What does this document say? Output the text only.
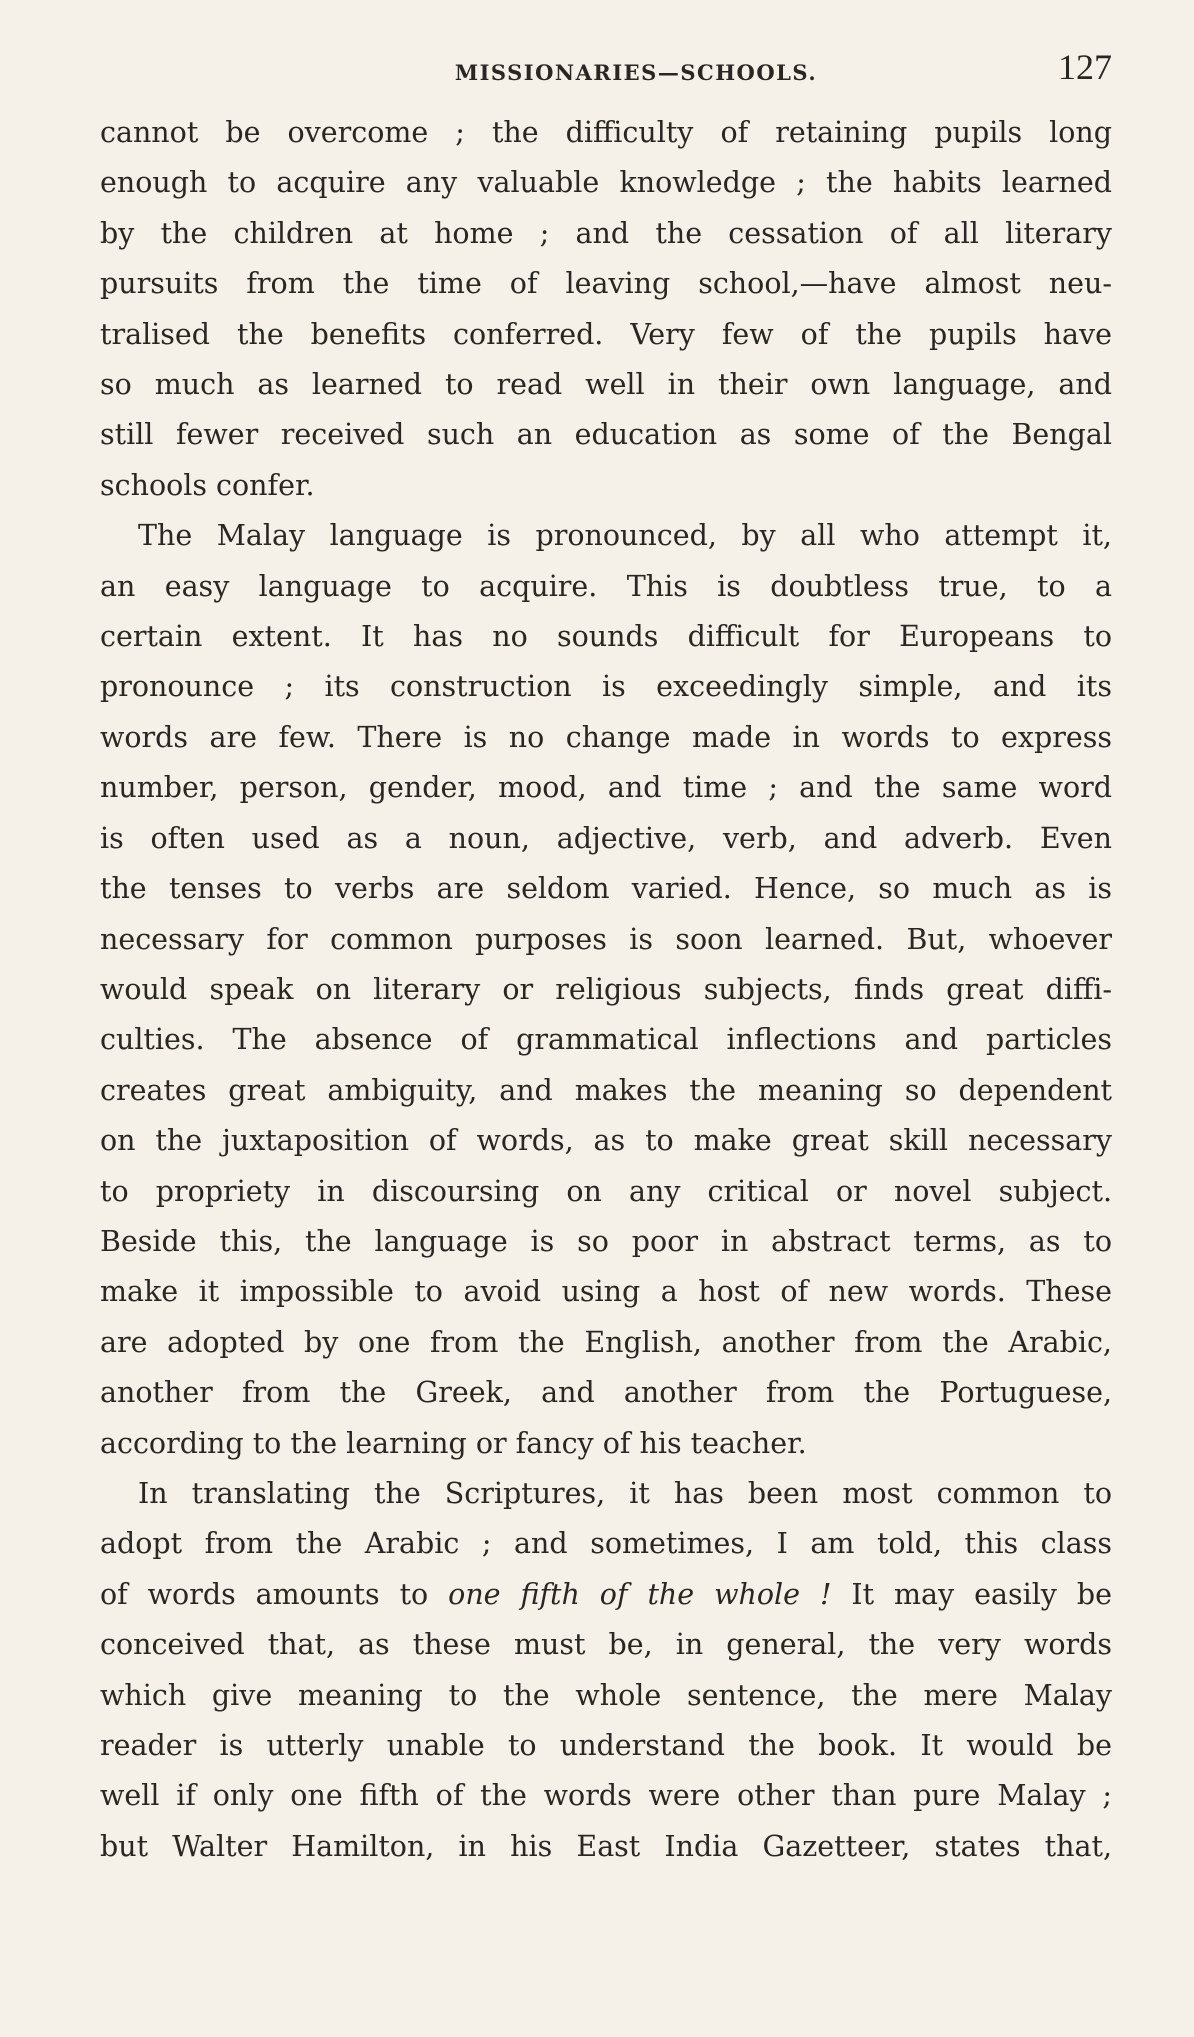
MISSIONARIES—SCHOOLS.	127

cannot be overcome ; the difficulty of retaining pupils long
enough to acquire any valuable knowledge ; the habits learned
by the children at home ; and the cessation of all literary
pursuits from the time of leaving school,—have almost neu-
tralised the benefits conferred. Very few of the pupils have
so much as learned to read well in their own language, and
still fewer received such an education as some of the Bengal
schools confer.

The Malay language is pronounced, by all who attempt it,
an easy language to acquire. This is doubtless true, to a
certain extent. It has no sounds difficult for Europeans to
pronounce ; its construction is exceedingly simple, and its
words are few. There is no change made in words to express
number, person, gender, mood, and time ; and the same word
is often used as a noun, adjective, verb, and adverb. Even
the tenses to verbs are seldom varied. Hence, so much as is
necessary for common purposes is soon learned. But, whoever
would speak on literary or religious subjects, finds great diffi-
culties. The absence of grammatical inflections and particles
creates great ambiguity, and makes the meaning so dependent
on the juxtaposition of words, as to make great skill necessary
to propriety in discoursing on any critical or novel subject.
Beside this, the language is so poor in abstract terms, as to
make it impossible to avoid using a host of new words. These
are adopted by one from the English, another from the Arabic,
another from the Greek, and another from the Portuguese,
according to the learning or fancy of his teacher.

In translating the Scriptures, it has been most common to
adopt from the Arabic ; and sometimes, I am told, this class
of words amounts to one fifth of the whole ! It may easily be
conceived that, as these must be, in general, the very words
which give meaning to the whole sentence, the mere Malay
reader is utterly unable to understand the book. It would be
well if only one fifth of the words were other than pure Malay ;
but Walter Hamilton, in his East India Gazetteer, states that,
